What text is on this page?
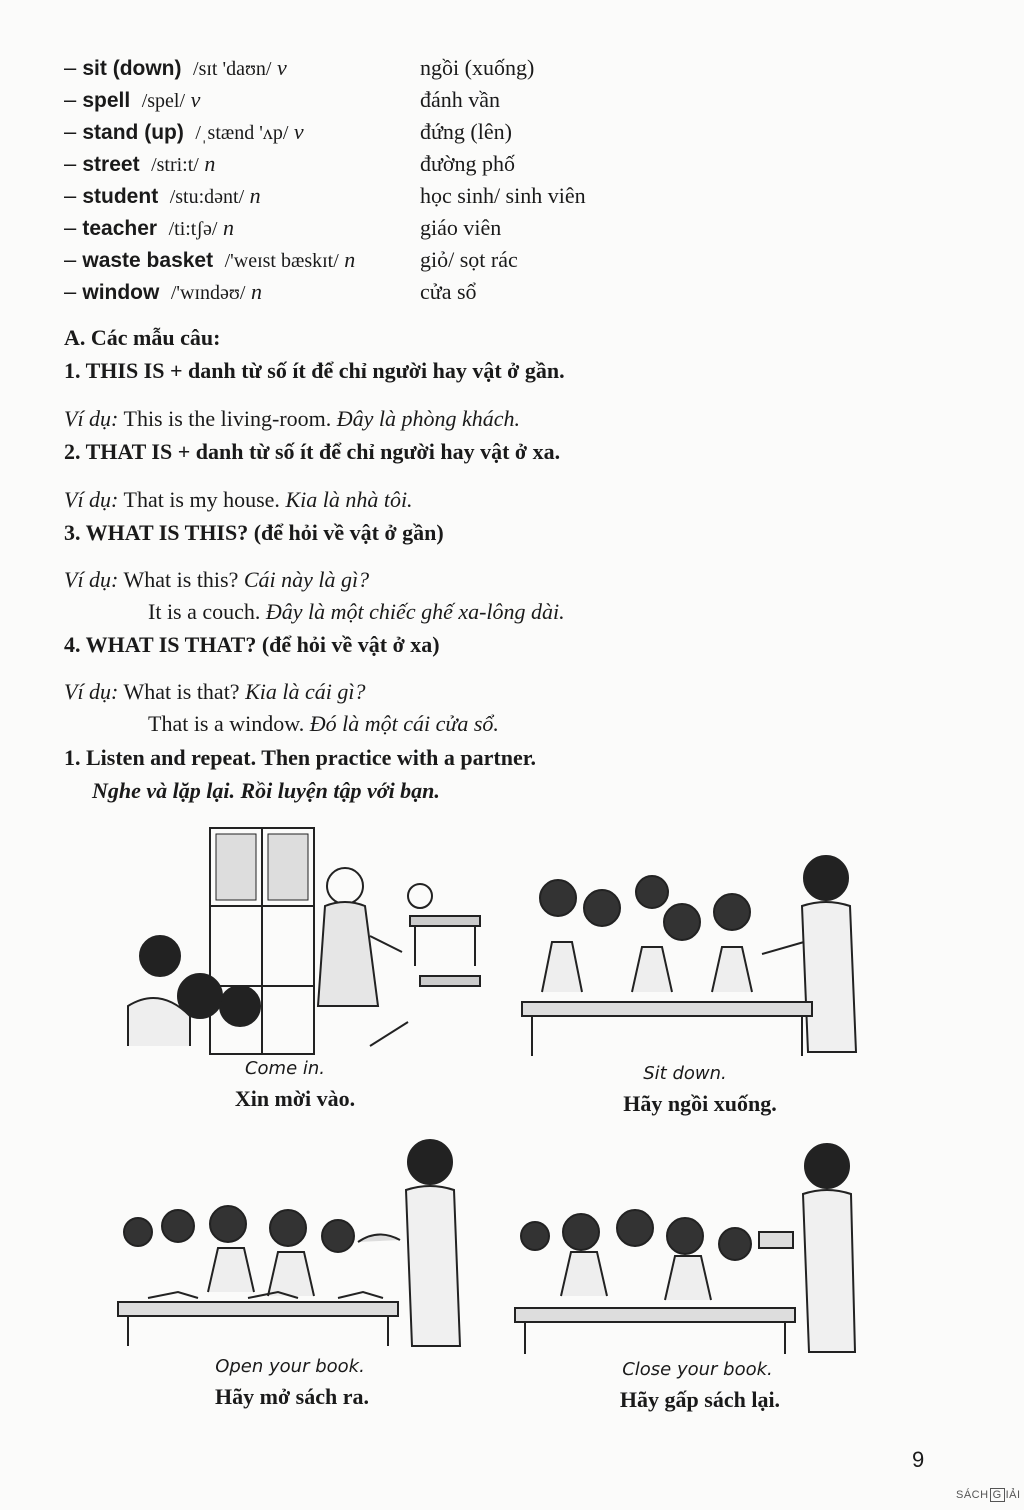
– sit (down) /sɪt 'daʊn/ v	ngồi (xuống)
– spell /spel/ v	đánh vần
– stand (up) /ˌstænd 'ʌp/ v	đứng (lên)
– street /stri:t/ n	đường phố
– student /stu:dənt/ n	học sinh/ sinh viên
– teacher /ti:tʃə/ n	giáo viên
– waste basket /'weɪst bæskɪt/ n	giỏ/ sọt rác
– window /'wɪndəʊ/ n	cửa sổ
A. Các mẫu câu:
1. THIS IS + danh từ số ít để chỉ người hay vật ở gần.
Ví dụ: This is the living-room. Đây là phòng khách.
2. THAT IS + danh từ số ít để chỉ người hay vật ở xa.
Ví dụ: That is my house. Kia là nhà tôi.
3. WHAT IS THIS? (để hỏi về vật ở gần)
Ví dụ: What is this? Cái này là gì?
It is a couch. Đây là một chiếc ghế xa-lông dài.
4. WHAT IS THAT? (để hỏi về vật ở xa)
Ví dụ: What is that? Kia là cái gì?
That is a window. Đó là một cái cửa sổ.
1. Listen and repeat. Then practice with a partner.
Nghe và lặp lại. Rồi luyện tập với bạn.
Come in.
Xin mời vào.
Sit down.
Hãy ngồi xuống.
Open your book.
Hãy mở sách ra.
Close your book.
Hãy gấp sách lại.
9
SÁCH G IẢI
